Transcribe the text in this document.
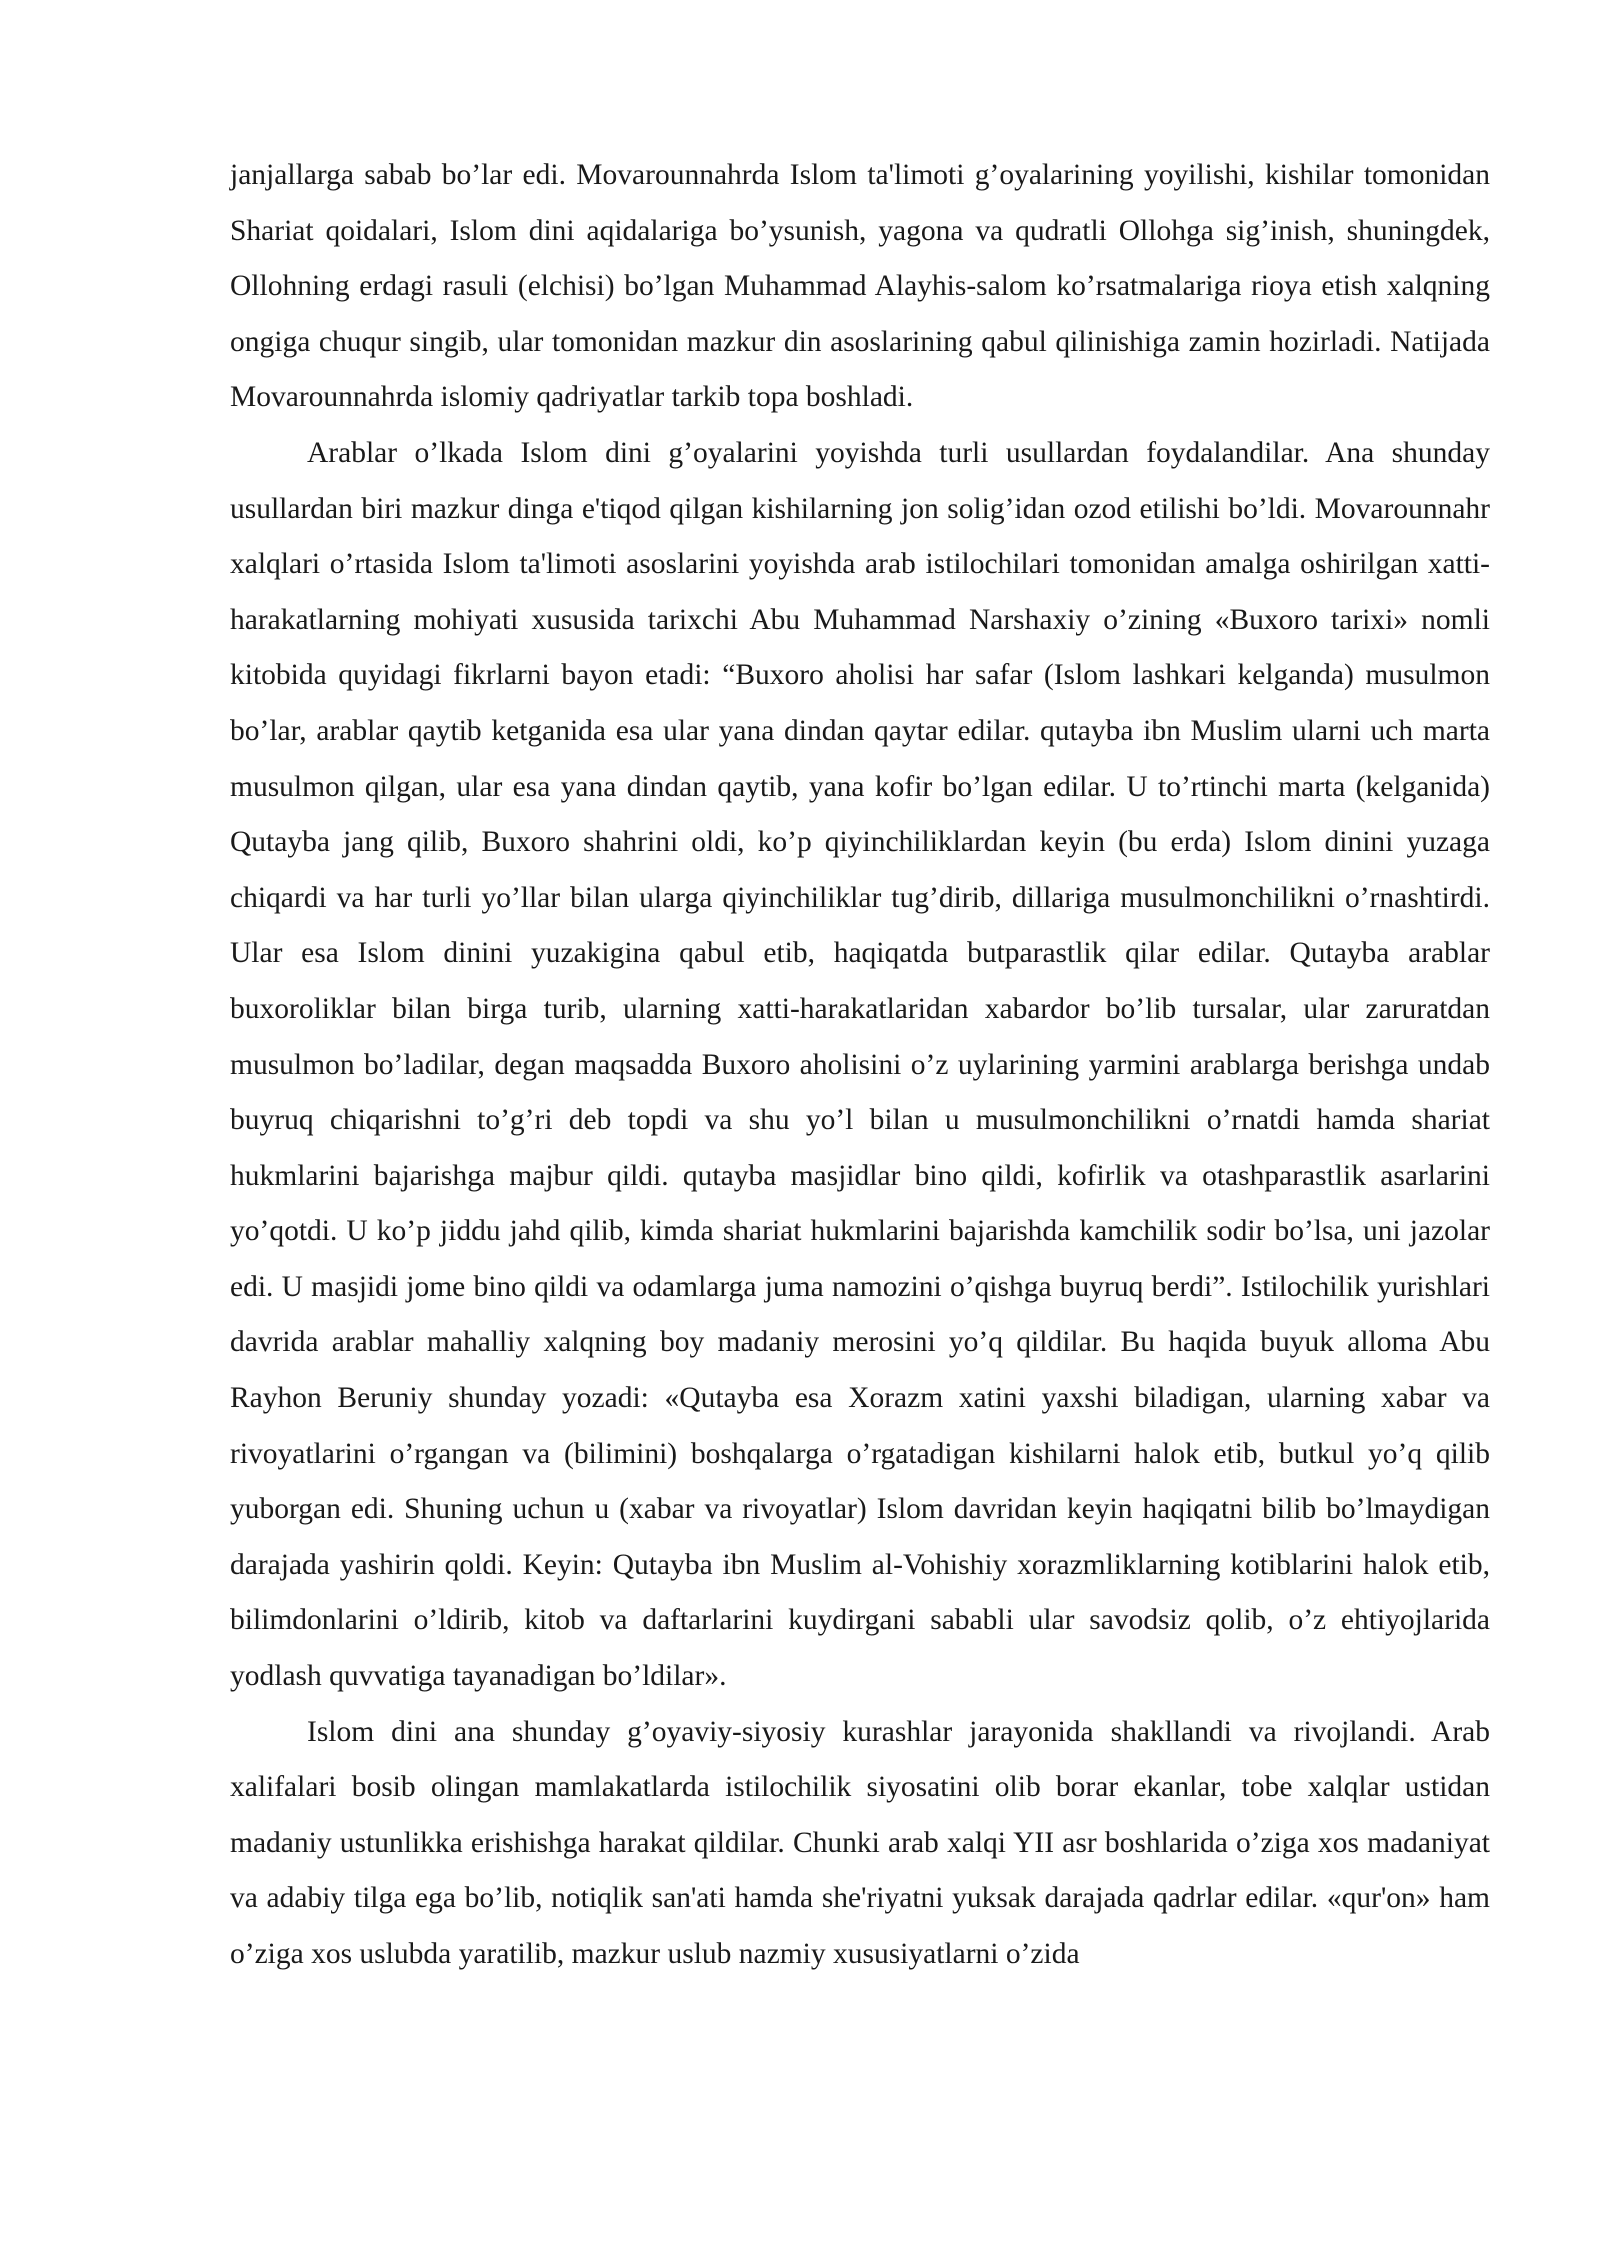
janjallarga sabab bo’lar edi. Movarounnahrda Islom ta'limoti g’oyalarining yoyilishi, kishilar tomonidan Shariat qoidalari, Islom dini aqidalariga bo’ysunish, yagona va qudratli Ollohga sig’inish, shuningdek, Ollohning erdagi rasuli (elchisi) bo’lgan Muhammad Alayhis-salom ko’rsatmalariga rioya etish xalqning ongiga chuqur singib, ular tomonidan mazkur din asoslarining qabul qilinishiga zamin hozirladi. Natijada Movarounnahrda islomiy qadriyatlar tarkib topa boshladi.

Arablar o’lkada Islom dini g’oyalarini yoyishda turli usullardan foydalandilar. Ana shunday usullardan biri mazkur dinga e'tiqod qilgan kishilarning jon solig’idan ozod etilishi bo’ldi. Movarounnahr xalqlari o’rtasida Islom ta'limoti asoslarini yoyishda arab istilochilari tomonidan amalga oshirilgan xatti-harakatlarning mohiyati xususida tarixchi Abu Muhammad Narshaxiy o’zining «Buxoro tarixi» nomli kitobida quyidagi fikrlarni bayon etadi: “Buxoro aholisi har safar (Islom lashkari kelganda) musulmon bo’lar, arablar qaytib ketganida esa ular yana dindan qaytar edilar. qutayba ibn Muslim ularni uch marta musulmon qilgan, ular esa yana dindan qaytib, yana kofir bo’lgan edilar. U to’rtinchi marta (kelganida) Qutayba jang qilib, Buxoro shahrini oldi, ko’p qiyinchiliklardan keyin (bu erda) Islom dinini yuzaga chiqardi va har turli yo’llar bilan ularga qiyinchiliklar tug’dirib, dillariga musulmonchilikni o’rnashtirdi. Ular esa Islom dinini yuzakigina qabul etib, haqiqatda butparastlik qilar edilar. Qutayba arablar buxoroliklar bilan birga turib, ularning xatti-harakatlaridan xabardor bo’lib tursalar, ular zaruratdan musulmon bo’ladilar, degan maqsadda Buxoro aholisini o’z uylarining yarmini arablarga berishga undab buyruq chiqarishni to’g’ri deb topdi va shu yo’l bilan u musulmonchilikni o’rnatdi hamda shariat hukmlarini bajarishga majbur qildi. qutayba masjidlar bino qildi, kofirlik va otashparastlik asarlarini yo’qotdi. U ko’p jiddu jahd qilib, kimda shariat hukmlarini bajarishda kamchilik sodir bo’lsa, uni jazolar edi. U masjidi jome bino qildi va odamlarga juma namozini o’qishga buyruq berdi”. Istilochilik yurishlari davrida arablar mahalliy xalqning boy madaniy merosini yo’q qildilar. Bu haqida buyuk alloma Abu Rayhon Beruniy shunday yozadi: «Qutayba esa Xorazm xatini yaxshi biladigan, ularning xabar va rivoyatlarini o’rgangan va (bilimini) boshqalarga o’rgatadigan kishilarni halok etib, butkul yo’q qilib yuborgan edi. Shuning uchun u (xabar va rivoyatlar) Islom davridan keyin haqiqatni bilib bo’lmaydigan darajada yashirin qoldi. Keyin: Qutayba ibn Muslim al-Vohishiy xorazmliklarning kotiblarini halok etib, bilimdonlarini o’ldirib, kitob va daftarlarini kuydirgani sababli ular savodsiz qolib, o’z ehtiyojlarida yodlash quvvatiga tayanadigan bo’ldilar».

Islom dini ana shunday g’oyaviy-siyosiy kurashlar jarayonida shakllandi va rivojlandi. Arab xalifalari bosib olingan mamlakatlarda istilochilik siyosatini olib borar ekanlar, tobe xalqlar ustidan madaniy ustunlikka erishishga harakat qildilar. Chunki arab xalqi YII asr boshlarida o’ziga xos madaniyat va adabiy tilga ega bo’lib, notiqlik san'ati hamda she'riyatni yuksak darajada qadrlar edilar. «qur'on» ham o’ziga xos uslubda yaratilib, mazkur uslub nazmiy xususiyatlarni o’zida
